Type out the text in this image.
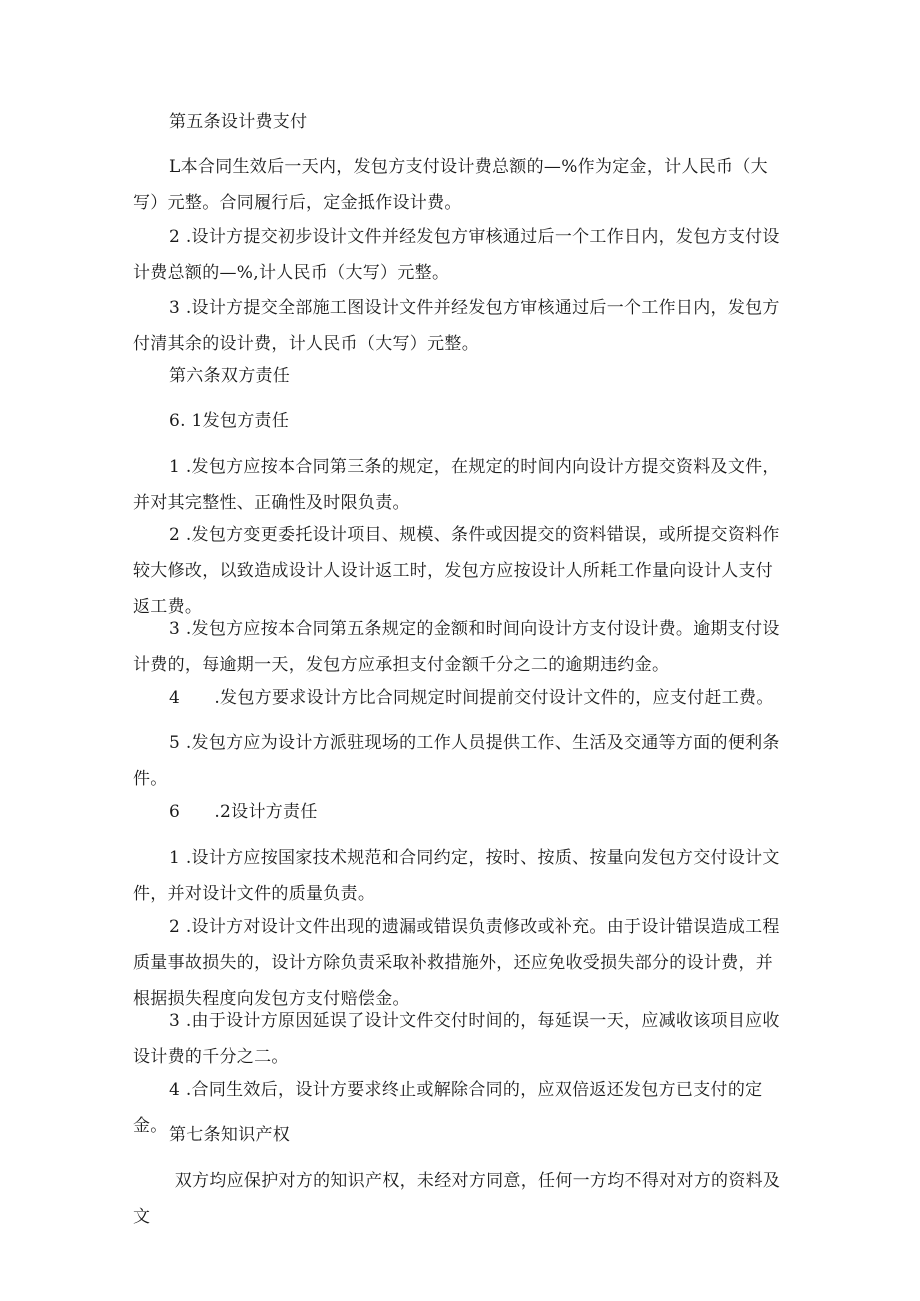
第五条设计费支付

L本合同生效后一天内，发包方支付设计费总额的—%作为定金，计人民币（大写）元整。合同履行后，定金抵作设计费。

2 .设计方提交初步设计文件并经发包方审核通过后一个工作日内，发包方支付设计费总额的—%,计人民币（大写）元整。

3 .设计方提交全部施工图设计文件并经发包方审核通过后一个工作日内，发包方付清其余的设计费，计人民币（大写）元整。

第六条双方责任

6. 1发包方责任

1 .发包方应按本合同第三条的规定，在规定的时间内向设计方提交资料及文件，并对其完整性、正确性及时限负责。

2 .发包方变更委托设计项目、规模、条件或因提交的资料错误，或所提交资料作较大修改，以致造成设计人设计返工时，发包方应按设计人所耗工作量向设计人支付返工费。

3 .发包方应按本合同第五条规定的金额和时间向设计方支付设计费。逾期支付设计费的，每逾期一天，发包方应承担支付金额千分之二的逾期违约金。

4      .发包方要求设计方比合同规定时间提前交付设计文件的，应支付赶工费。

5 .发包方应为设计方派驻现场的工作人员提供工作、生活及交通等方面的便利条件。

6      .2设计方责任

1 .设计方应按国家技术规范和合同约定，按时、按质、按量向发包方交付设计文件，并对设计文件的质量负责。

2 .设计方对设计文件出现的遗漏或错误负责修改或补充。由于设计错误造成工程质量事故损失的，设计方除负责采取补救措施外，还应免收受损失部分的设计费，并根据损失程度向发包方支付赔偿金。

3 .由于设计方原因延误了设计文件交付时间的，每延误一天，应减收该项目应收设计费的千分之二。

4 .合同生效后，设计方要求终止或解除合同的，应双倍返还发包方已支付的定金。 第七条知识产权

双方均应保护对方的知识产权，未经对方同意，任何一方均不得对对方的资料及文
